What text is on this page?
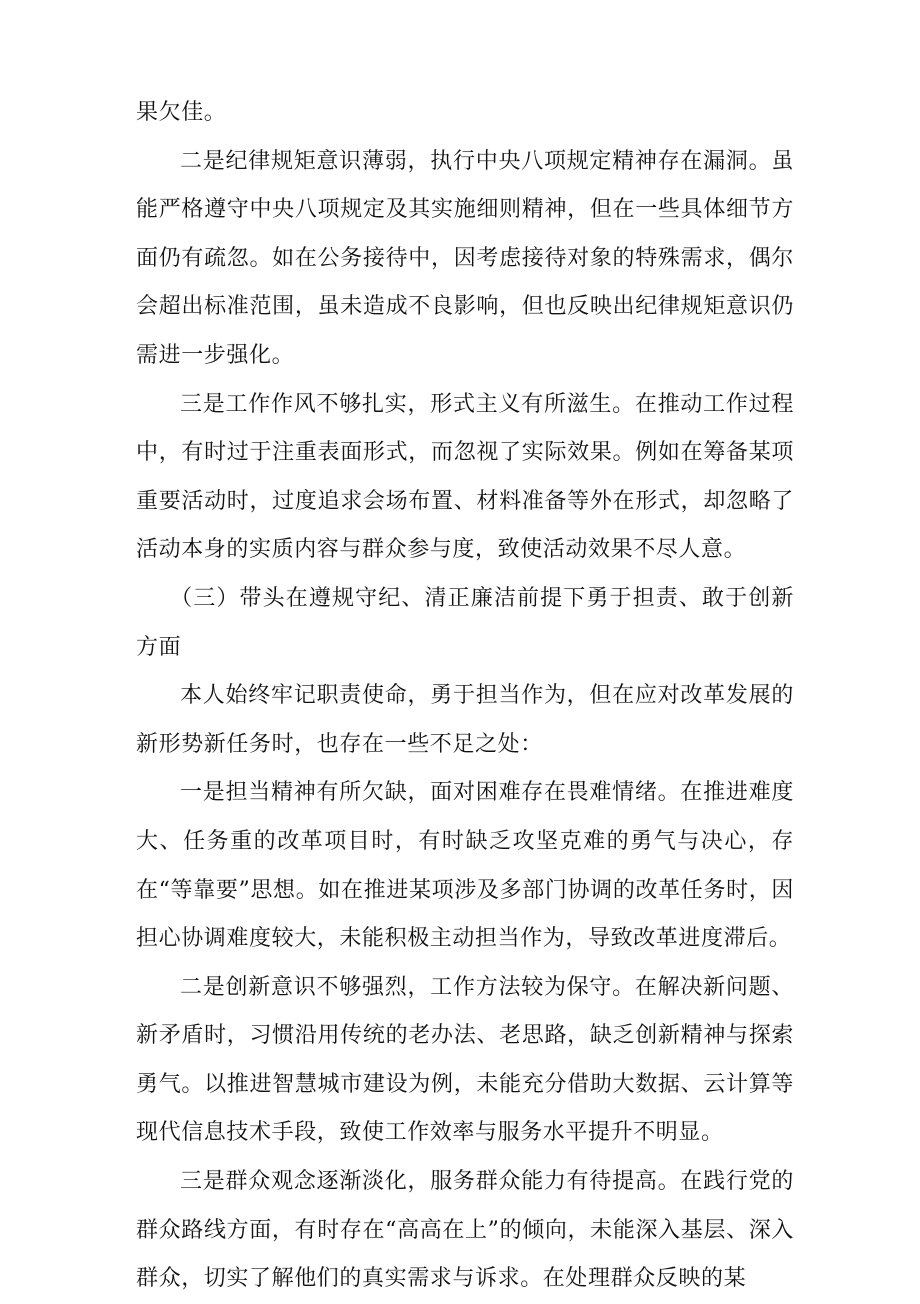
果欠佳。

二是纪律规矩意识薄弱，执行中央八项规定精神存在漏洞。虽能严格遵守中央八项规定及其实施细则精神，但在一些具体细节方面仍有疏忽。如在公务接待中，因考虑接待对象的特殊需求，偶尔会超出标准范围，虽未造成不良影响，但也反映出纪律规矩意识仍需进一步强化。

三是工作作风不够扎实，形式主义有所滋生。在推动工作过程中，有时过于注重表面形式，而忽视了实际效果。例如在筹备某项重要活动时，过度追求会场布置、材料准备等外在形式，却忽略了活动本身的实质内容与群众参与度，致使活动效果不尽人意。

（三）带头在遵规守纪、清正廉洁前提下勇于担责、敢于创新方面

本人始终牢记职责使命，勇于担当作为，但在应对改革发展的新形势新任务时，也存在一些不足之处：

一是担当精神有所欠缺，面对困难存在畏难情绪。在推进难度大、任务重的改革项目时，有时缺乏攻坚克难的勇气与决心，存在“等靠要”思想。如在推进某项涉及多部门协调的改革任务时，因担心协调难度较大，未能积极主动担当作为，导致改革进度滞后。

二是创新意识不够强烈，工作方法较为保守。在解决新问题、新矛盾时，习惯沿用传统的老办法、老思路，缺乏创新精神与探索勇气。以推进智慧城市建设为例，未能充分借助大数据、云计算等现代信息技术手段，致使工作效率与服务水平提升不明显。

三是群众观念逐渐淡化，服务群众能力有待提高。在践行党的群众路线方面，有时存在“高高在上”的倾向，未能深入基层、深入群众，切实了解他们的真实需求与诉求。在处理群众反映的某
